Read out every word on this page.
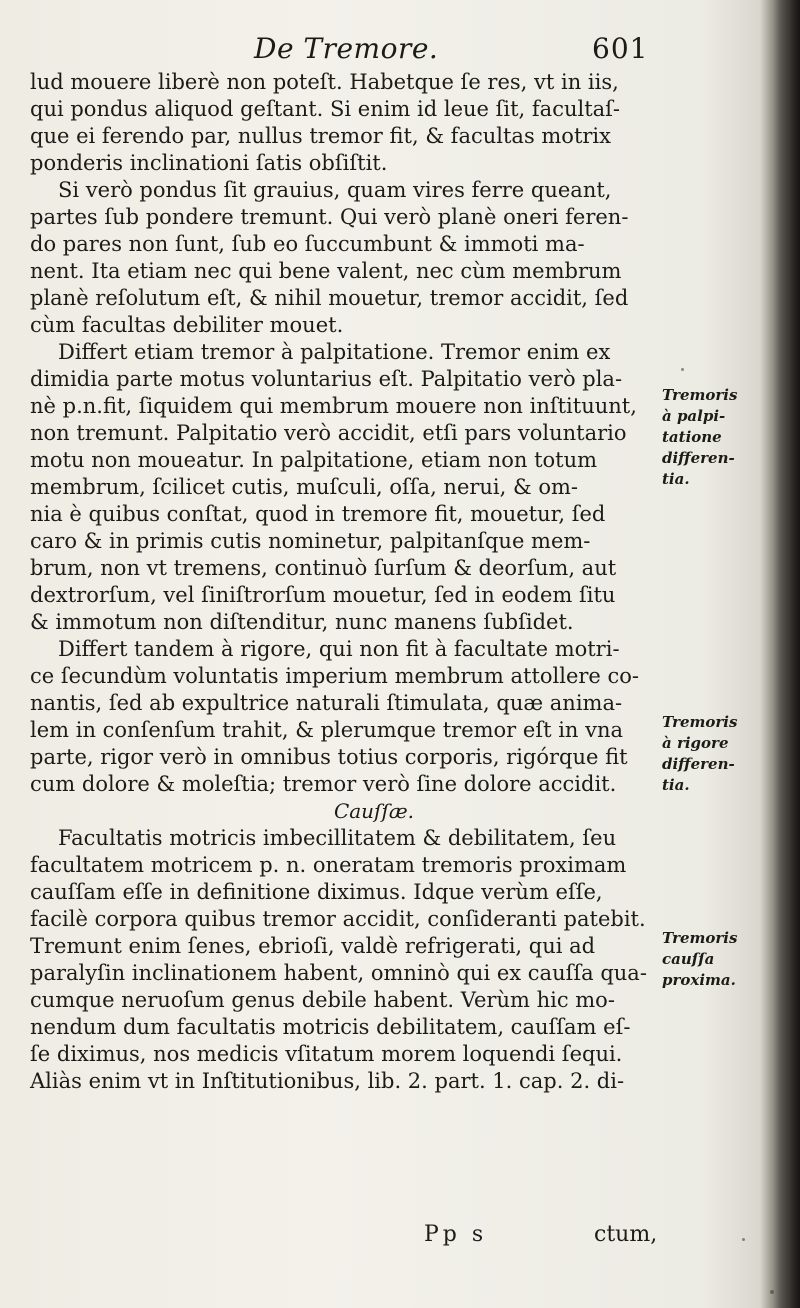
De Tremore.	601
lud mouere liberè non poteſt. Habetque ſe res, vt in iis,
qui pondus aliquod geſtant. Si enim id leue ſit, facultaſ-
que ei ferendo par, nullus tremor fit, & facultas motrix
ponderis inclinationi ſatis obſiſtit.
Si verò pondus ſit grauius, quam vires ferre queant,
partes ſub pondere tremunt. Qui verò planè oneri feren-
do pares non ſunt, ſub eo ſuccumbunt & immoti ma-
nent. Ita etiam nec qui bene valent, nec cùm membrum
planè reſolutum eſt, & nihil mouetur, tremor accidit, ſed
cùm facultas debiliter mouet.
Differt etiam tremor à palpitatione. Tremor enim ex
dimidia parte motus voluntarius eſt. Palpitatio verò pla-
nè p.n.fit, ſiquidem qui membrum mouere non inſtituunt,
non tremunt. Palpitatio verò accidit, etſi pars voluntario
motu non moueatur. In palpitatione, etiam non totum
membrum, ſcilicet cutis, muſculi, oſſa, nerui, & om-
nia è quibus conſtat, quod in tremore fit, mouetur, ſed
caro & in primis cutis nominetur, palpitanſque mem-
brum, non vt tremens, continuò ſurſum & deorſum, aut
dextrorſum, vel ſiniſtrorſum mouetur, ſed in eodem ſitu
& immotum non diſtenditur, nunc manens ſubſidet.
Differt tandem à rigore, qui non fit à facultate motri-
ce ſecundùm voluntatis imperium membrum attollere co-
nantis, ſed ab expultrice naturali ſtimulata, quæ anima-
lem in conſenſum trahit, & plerumque tremor eſt in vna
parte, rigor verò in omnibus totius corporis, rigórque fit
cum dolore & moleſtia; tremor verò ſine dolore accidit.
Cauſſæ.
Facultatis motricis imbecillitatem & debilitatem, ſeu
facultatem motricem p. n. oneratam tremoris proximam
cauſſam eſſe in definitione diximus. Idque verùm eſſe,
facilè corpora quibus tremor accidit, conſideranti patebit.
Tremunt enim ſenes, ebrioſi, valdè refrigerati, qui ad
paralyſin inclinationem habent, omninò qui ex cauſſa qua-
cumque neruoſum genus debile habent. Verùm hic mo-
nendum dum facultatis motricis debilitatem, cauſſam eſ-
ſe diximus, nos medicis vſitatum morem loquendi ſequi.
Aliàs enim vt in Inſtitutionibus, lib. 2. part. 1. cap. 2. di-
Tremoris
à palpi-
tatione
differen-
tia.
Tremoris
à rigore
differen-
tia.
Tremoris
cauſſa
proxima.
Pp s	ctum,
